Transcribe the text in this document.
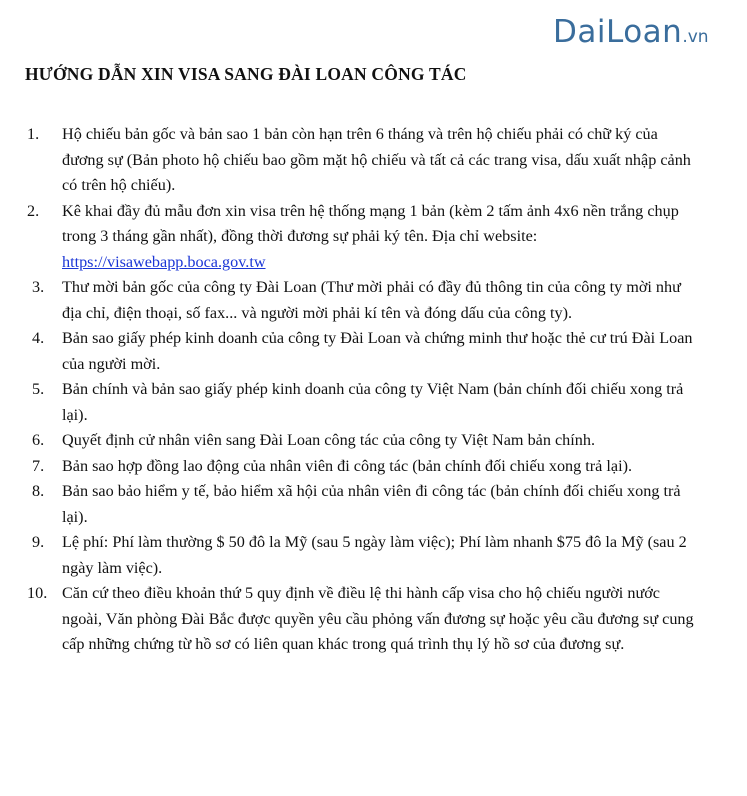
DaiLoan.vn
HƯỚNG DẪN XIN VISA SANG ĐÀI LOAN CÔNG TÁC
1. Hộ chiếu bản gốc và bản sao 1 bản còn hạn trên 6 tháng và trên hộ chiếu phải có chữ ký của đương sự (Bản photo hộ chiếu bao gồm mặt hộ chiếu và tất cả các trang visa, dấu xuất nhập cảnh có trên hộ chiếu).
2. Kê khai đầy đủ mẫu đơn xin visa trên hệ thống mạng 1 bản (kèm 2 tấm ảnh 4x6 nền trắng chụp trong 3 tháng gần nhất), đồng thời đương sự phải ký tên. Địa chỉ website:
https://visawebapp.boca.gov.tw
3. Thư mời bản gốc của công ty Đài Loan (Thư mời phải có đầy đủ thông tin của công ty mời như địa chỉ, điện thoại, số fax... và người mời phải kí tên và đóng dấu của công ty).
4. Bản sao giấy phép kinh doanh của công ty Đài Loan và chứng minh thư hoặc thẻ cư trú Đài Loan của người mời.
5. Bản chính và bản sao giấy phép kinh doanh của công ty Việt Nam (bản chính đối chiếu xong trả lại).
6. Quyết định cử nhân viên sang Đài Loan công tác của công ty Việt Nam bản chính.
7. Bản sao hợp đồng lao động của nhân viên đi công tác (bản chính đối chiếu xong trả lại).
8. Bản sao bảo hiểm y tế, bảo hiểm xã hội của nhân viên đi công tác (bản chính đối chiếu xong trả lại).
9. Lệ phí: Phí làm thường $ 50 đô la Mỹ (sau 5 ngày làm việc); Phí làm nhanh $75 đô la Mỹ (sau 2 ngày làm việc).
10. Căn cứ theo điều khoản thứ 5 quy định về điều lệ thi hành cấp visa cho hộ chiếu người nước ngoài, Văn phòng Đài Bắc được quyền yêu cầu phỏng vấn đương sự hoặc yêu cầu đương sự cung cấp những chứng từ hồ sơ có liên quan khác trong quá trình thụ lý hồ sơ của đương sự.
